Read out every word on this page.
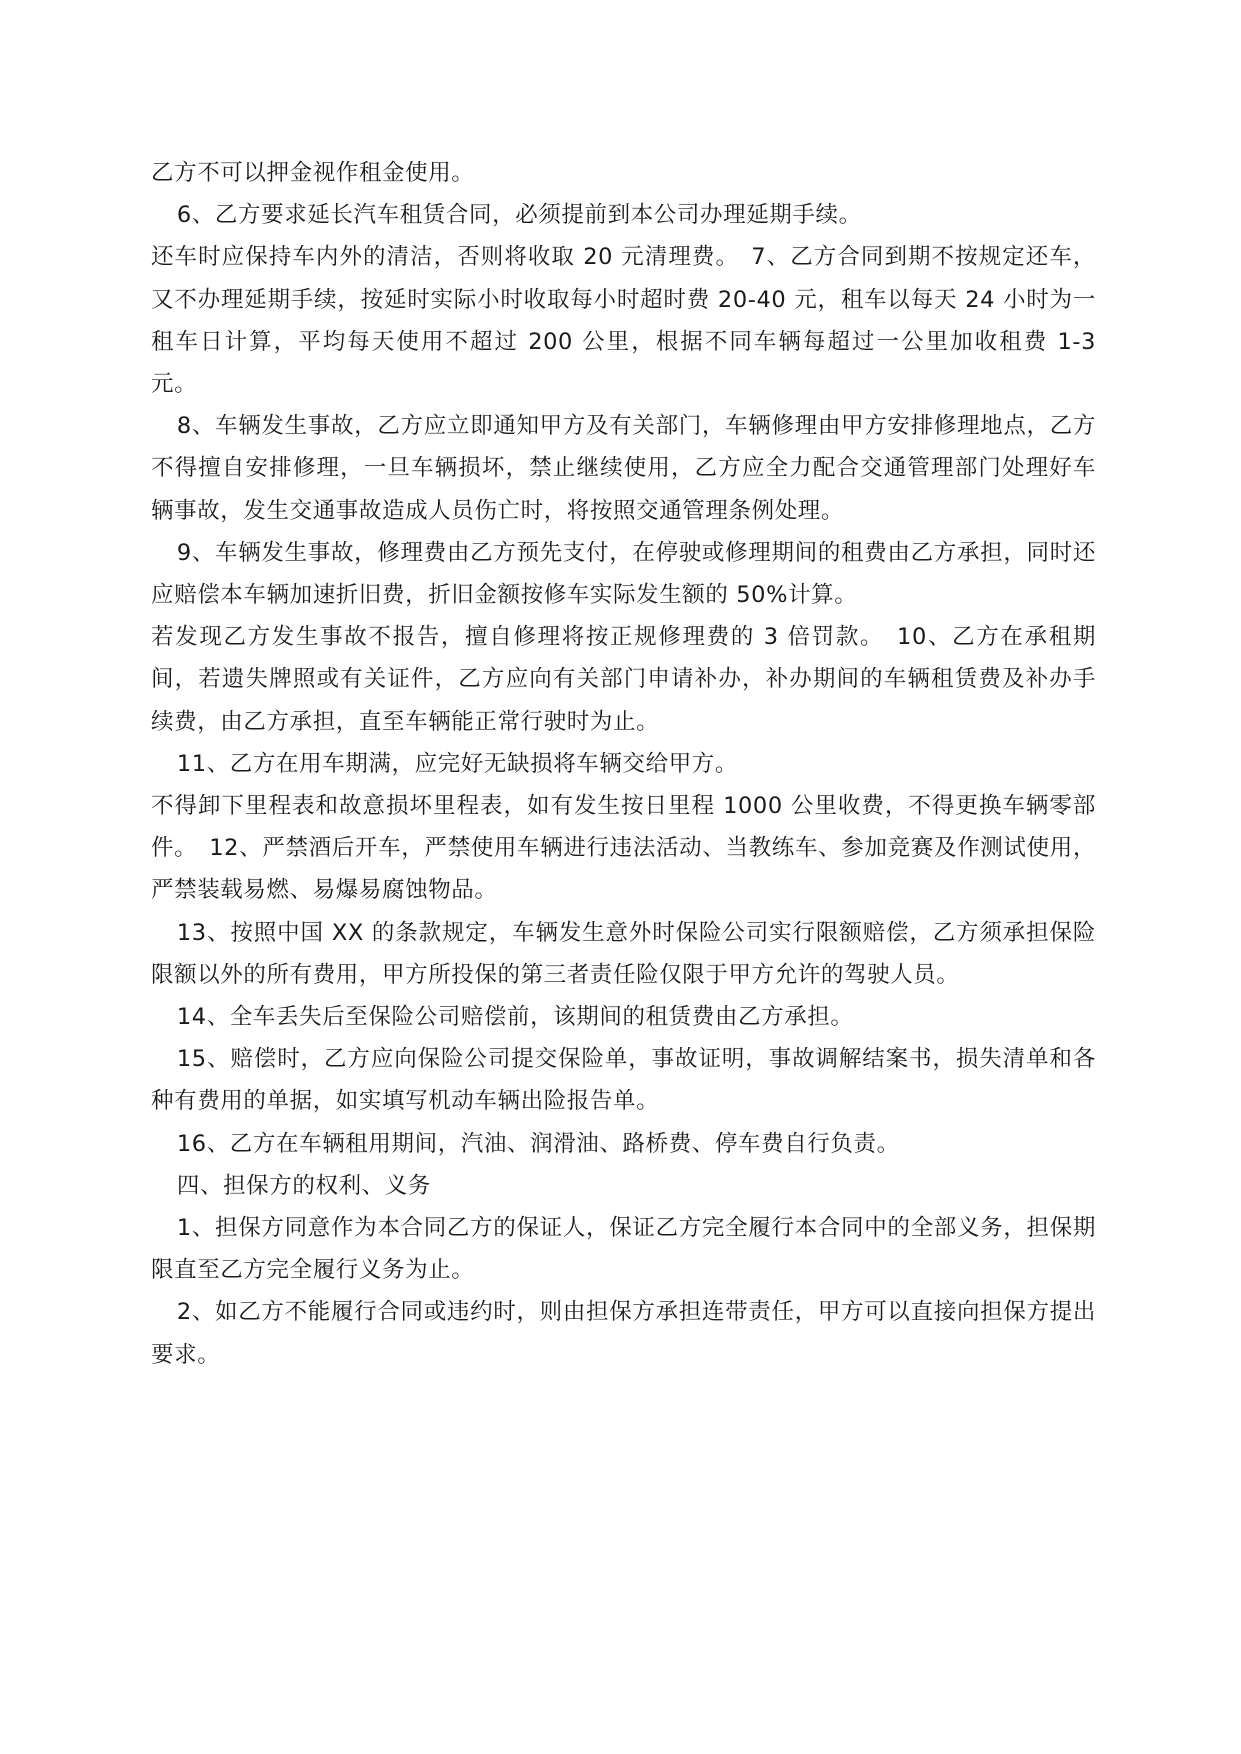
乙方不可以押金视作租金使用。

6、乙方要求延长汽车租赁合同，必须提前到本公司办理延期手续。

还车时应保持车内外的清洁，否则将收取 20 元清理费。　7、乙方合同到期不按规定还车，又不办理延期手续，按延时实际小时收取每小时超时费 20-40 元，租车以每天 24 小时为一租车日计算，平均每天使用不超过 200 公里，根据不同车辆每超过一公里加收租费 1-3 元。

8、车辆发生事故，乙方应立即通知甲方及有关部门，车辆修理由甲方安排修理地点，乙方不得擅自安排修理，一旦车辆损坏，禁止继续使用，乙方应全力配合交通管理部门处理好车辆事故，发生交通事故造成人员伤亡时，将按照交通管理条例处理。

9、车辆发生事故，修理费由乙方预先支付，在停驶或修理期间的租费由乙方承担，同时还应赔偿本车辆加速折旧费，折旧金额按修车实际发生额的 50%计算。

若发现乙方发生事故不报告，擅自修理将按正规修理费的 3 倍罚款。　10、乙方在承租期间，若遗失牌照或有关证件，乙方应向有关部门申请补办，补办期间的车辆租赁费及补办手续费，由乙方承担，直至车辆能正常行驶时为止。

11、乙方在用车期满，应完好无缺损将车辆交给甲方。

不得卸下里程表和故意损坏里程表，如有发生按日里程 1000 公里收费，不得更换车辆零部件。　12、严禁酒后开车，严禁使用车辆进行违法活动、当教练车、参加竞赛及作测试使用，严禁装载易燃、易爆易腐蚀物品。

13、按照中国 XX 的条款规定，车辆发生意外时保险公司实行限额赔偿，乙方须承担保险限额以外的所有费用，甲方所投保的第三者责任险仅限于甲方允许的驾驶人员。

14、全车丢失后至保险公司赔偿前，该期间的租赁费由乙方承担。

15、赔偿时，乙方应向保险公司提交保险单，事故证明，事故调解结案书，损失清单和各种有费用的单据，如实填写机动车辆出险报告单。

16、乙方在车辆租用期间，汽油、润滑油、路桥费、停车费自行负责。

四、担保方的权利、义务

1、担保方同意作为本合同乙方的保证人，保证乙方完全履行本合同中的全部义务，担保期限直至乙方完全履行义务为止。

2、如乙方不能履行合同或违约时，则由担保方承担连带责任，甲方可以直接向担保方提出要求。
